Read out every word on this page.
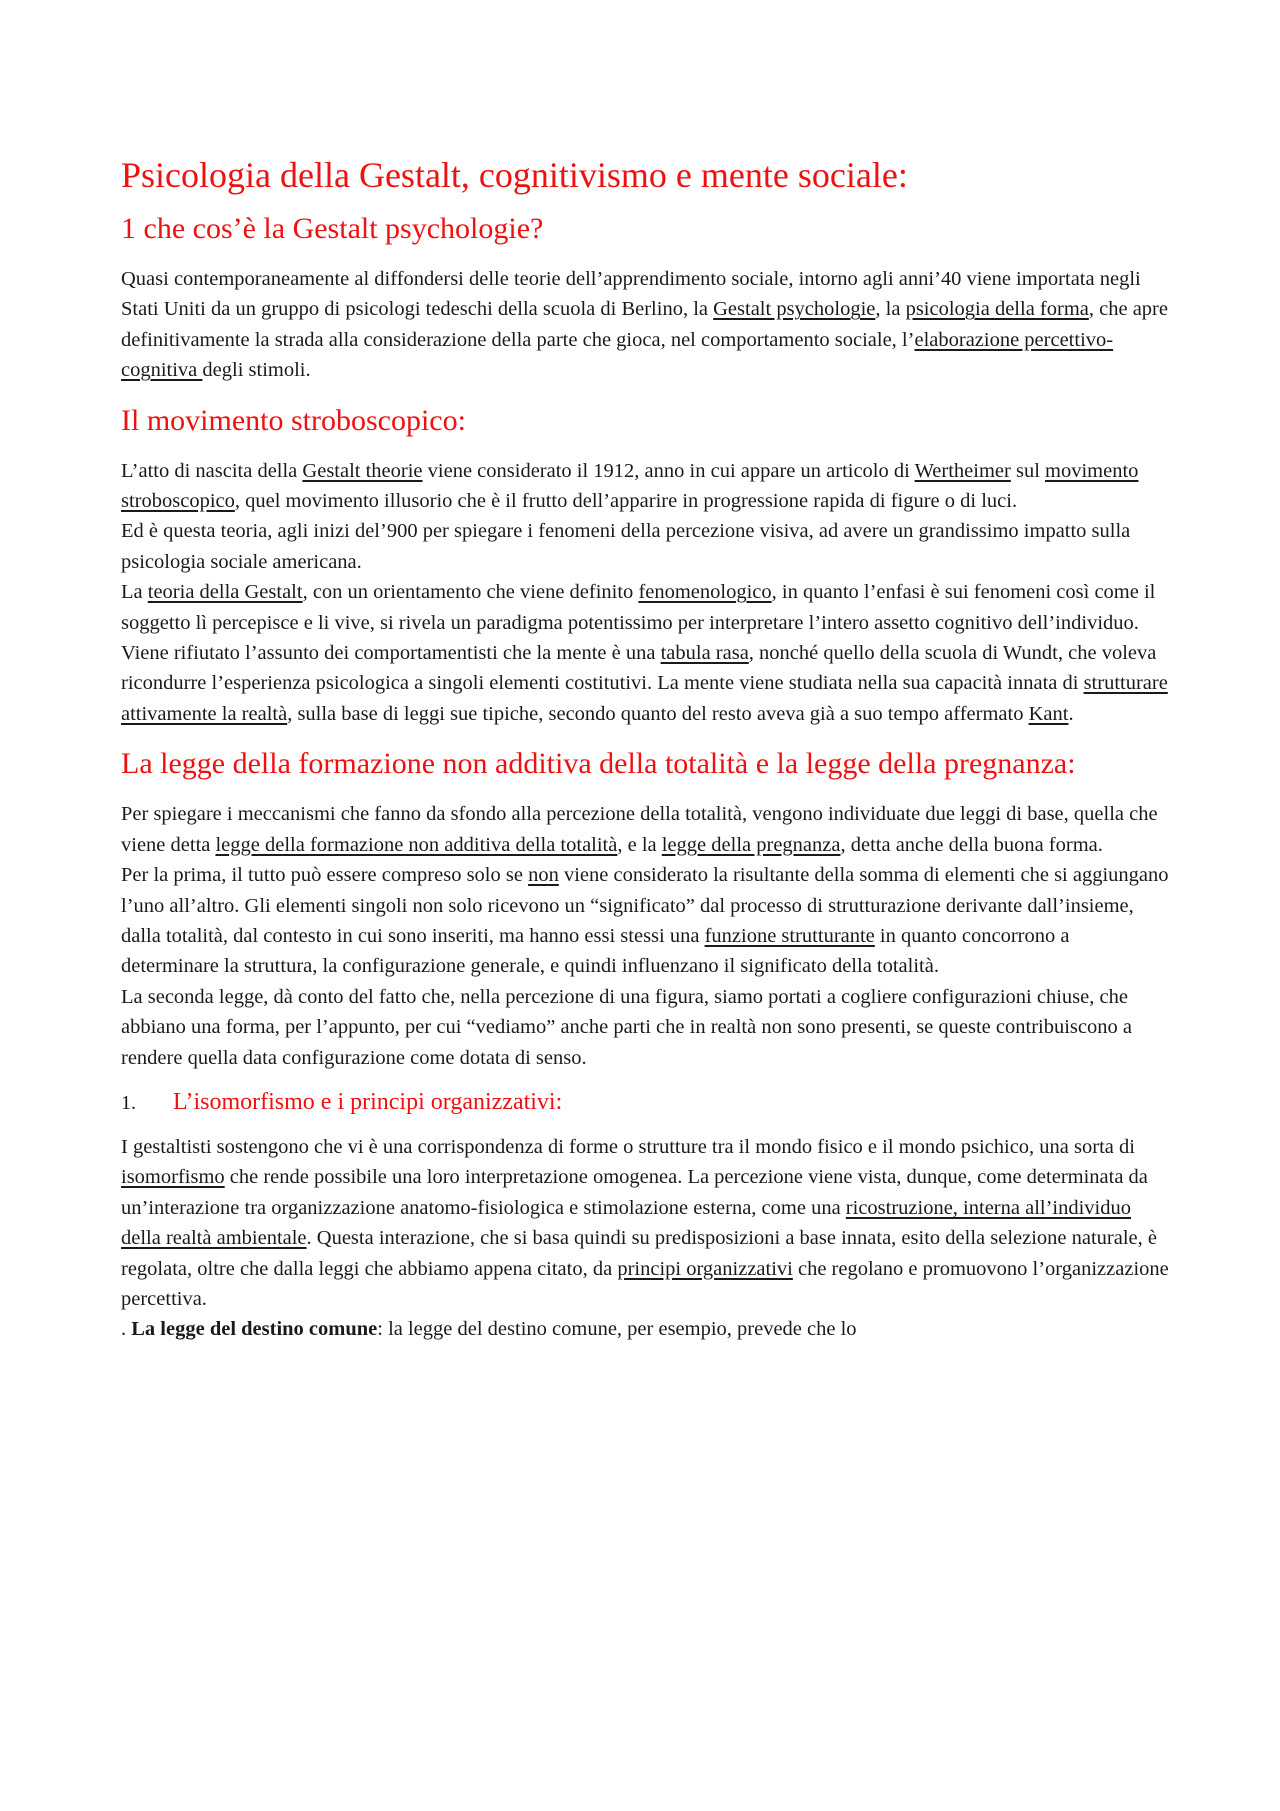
Psicologia della Gestalt, cognitivismo e mente sociale:
1 che cos’è la Gestalt psychologie?

Quasi contemporaneamente al diffondersi delle teorie dell’apprendimento sociale, intorno agli anni’40 viene importata negli Stati Uniti da un gruppo di psicologi tedeschi della scuola di Berlino, la Gestalt psychologie, la psicologia della forma, che apre definitivamente la strada alla considerazione della parte che gioca, nel comportamento sociale, l’elaborazione percettivo-cognitiva degli stimoli.

Il movimento stroboscopico:

L’atto di nascita della Gestalt theorie viene considerato il 1912, anno in cui appare un articolo di Wertheimer sul movimento stroboscopico, quel movimento illusorio che è il frutto dell’apparire in progressione rapida di figure o di luci.

Ed è questa teoria, agli inizi del’900 per spiegare i fenomeni della percezione visiva, ad avere un grandissimo impatto sulla psicologia sociale americana.

La teoria della Gestalt, con un orientamento che viene definito fenomenologico, in quanto l’enfasi è sui fenomeni così come il soggetto lì percepisce e li vive, si rivela un paradigma potentissimo per interpretare l’intero assetto cognitivo dell’individuo. Viene rifiutato l’assunto dei comportamentisti che la mente è una tabula rasa, nonché quello della scuola di Wundt, che voleva ricondurre l’esperienza psicologica a singoli elementi costitutivi. La mente viene studiata nella sua capacità innata di strutturare attivamente la realtà, sulla base di leggi sue tipiche, secondo quanto del resto aveva già a suo tempo affermato Kant.

La legge della formazione non additiva della totalità e la legge della pregnanza:

Per spiegare i meccanismi che fanno da sfondo alla percezione della totalità, vengono individuate due leggi di base, quella che viene detta legge della formazione non additiva della totalità, e la legge della pregnanza, detta anche della buona forma.

Per la prima, il tutto può essere compreso solo se non viene considerato la risultante della somma di elementi che si aggiungano l’uno all’altro. Gli elementi singoli non solo ricevono un “significato” dal processo di strutturazione derivante dall’insieme, dalla totalità, dal contesto in cui sono inseriti, ma hanno essi stessi una funzione strutturante in quanto concorrono a determinare la struttura, la configurazione generale, e quindi influenzano il significato della totalità.

La seconda legge, dà conto del fatto che, nella percezione di una figura, siamo portati a cogliere configurazioni chiuse, che abbiano una forma, per l’appunto, per cui “vediamo” anche parti che in realtà non sono presenti, se queste contribuiscono a rendere quella data configurazione come dotata di senso.

1.	L’isomorfismo e i principi organizzativi:

I gestaltisti sostengono che vi è una corrispondenza di forme o strutture tra il mondo fisico e il mondo psichico, una sorta di isomorfismo che rende possibile una loro interpretazione omogenea. La percezione viene vista, dunque, come determinata da un’interazione tra organizzazione anatomo-fisiologica e stimolazione esterna, come una ricostruzione, interna all’individuo della realtà ambientale. Questa interazione, che si basa quindi su predisposizioni a base innata, esito della selezione naturale, è regolata, oltre che dalla leggi che abbiamo appena citato, da principi organizzativi che regolano e promuovono l’organizzazione percettiva.

. La legge del destino comune: la legge del destino comune, per esempio, prevede che lo
